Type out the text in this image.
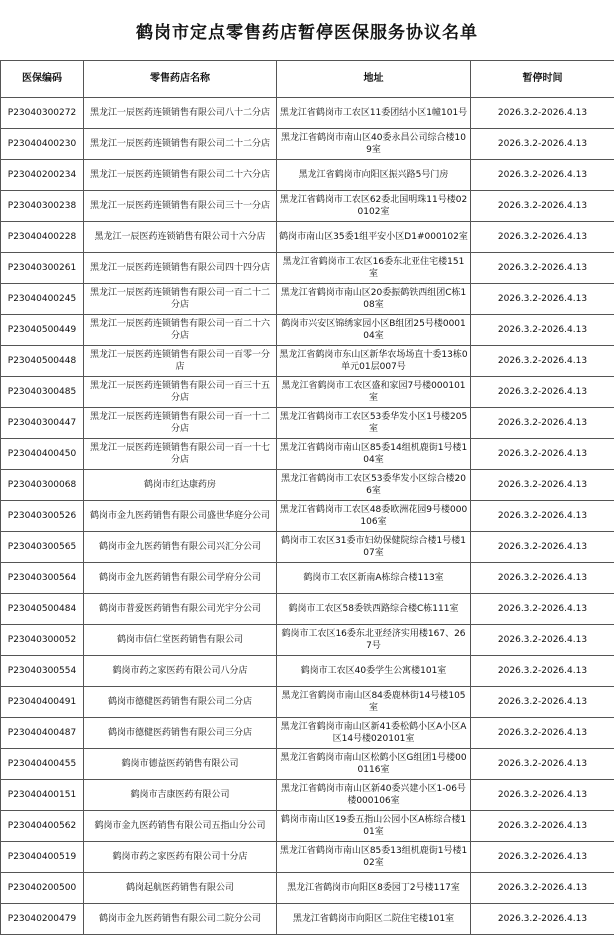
鹤岗市定点零售药店暂停医保服务协议名单
医保编码	零售药店名称	地址	暂停时间
P23040300272	黑龙江一辰医药连锁销售有限公司八十二分店	黑龙江省鹤岗市工农区11委团结小区1幢101号	2026.3.2-2026.4.13
P23040400230	黑龙江一辰医药连锁销售有限公司二十二分店	黑龙江省鹤岗市南山区40委永昌公司综合楼109室	2026.3.2-2026.4.13
P23040200234	黑龙江一辰医药连锁销售有限公司二十六分店	黑龙江省鹤岗市向阳区振兴路5号门房	2026.3.2-2026.4.13
P23040300238	黑龙江一辰医药连锁销售有限公司三十一分店	黑龙江省鹤岗市工农区62委北国明珠11号楼020102室	2026.3.2-2026.4.13
P23040400228	黑龙江一辰医药连锁销售有限公司十六分店	鹤岗市南山区35委1组平安小区D1#000102室	2026.3.2-2026.4.13
P23040300261	黑龙江一辰医药连锁销售有限公司四十四分店	黑龙江省鹤岗市工农区16委东北亚住宅楼151室	2026.3.2-2026.4.13
P23040400245	黑龙江一辰医药连锁销售有限公司一百二十二分店	黑龙江省鹤岗市南山区20委振鹤铁西组团C栋108室	2026.3.2-2026.4.13
P23040500449	黑龙江一辰医药连锁销售有限公司一百二十六分店	鹤岗市兴安区锦绣家园小区B组团25号楼000104室	2026.3.2-2026.4.13
P23040500448	黑龙江一辰医药连锁销售有限公司一百零一分店	黑龙江省鹤岗市东山区新华农场场直十委13栋0单元01层007号	2026.3.2-2026.4.13
P23040300485	黑龙江一辰医药连锁销售有限公司一百三十五分店	黑龙江省鹤岗市工农区盛和家园7号楼000101室	2026.3.2-2026.4.13
P23040300447	黑龙江一辰医药连锁销售有限公司一百一十二分店	黑龙江省鹤岗市工农区53委华发小区1号楼205室	2026.3.2-2026.4.13
P23040400450	黑龙江一辰医药连锁销售有限公司一百一十七分店	黑龙江省鹤岗市南山区85委14组机鹿街1号楼104室	2026.3.2-2026.4.13
P23040300068	鹤岗市红达康药房	黑龙江省鹤岗市工农区53委华发小区综合楼206室	2026.3.2-2026.4.13
P23040300526	鹤岗市金九医药销售有限公司盛世华庭分公司	黑龙江省鹤岗市工农区48委欧洲花园9号楼000106室	2026.3.2-2026.4.13
P23040300565	鹤岗市金九医药销售有限公司兴汇分公司	鹤岗市工农区31委市妇幼保健院综合楼1号楼107室	2026.3.2-2026.4.13
P23040300564	鹤岗市金九医药销售有限公司学府分公司	鹤岗市工农区新南A栋综合楼113室	2026.3.2-2026.4.13
P23040500484	鹤岗市普爱医药销售有限公司光宇分公司	鹤岗市工农区58委铁西路综合楼C栋111室	2026.3.2-2026.4.13
P23040300052	鹤岗市信仁堂医药销售有限公司	鹤岗市工农区16委东北亚经济实用楼167、267号	2026.3.2-2026.4.13
P23040300554	鹤岗市药之家医药有限公司八分店	鹤岗市工农区40委学生公寓楼101室	2026.3.2-2026.4.13
P23040400491	鹤岗市德健医药销售有限公司二分店	黑龙江省鹤岗市南山区84委鹿林街14号楼105室	2026.3.2-2026.4.13
P23040400487	鹤岗市德健医药销售有限公司三分店	黑龙江省鹤岗市南山区新41委松鹤小区A小区A区14号楼020101室	2026.3.2-2026.4.13
P23040400455	鹤岗市德益医药销售有限公司	黑龙江省鹤岗市南山区松鹤小区G组团1号楼000116室	2026.3.2-2026.4.13
P23040400151	鹤岗市吉康医药有限公司	黑龙江省鹤岗市南山区新40委兴建小区1-06号楼000106室	2026.3.2-2026.4.13
P23040400562	鹤岗市金九医药销售有限公司五指山分公司	鹤岗市南山区19委五指山公园小区A栋综合楼101室	2026.3.2-2026.4.13
P23040400519	鹤岗市药之家医药有限公司十分店	黑龙江省鹤岗市南山区85委13组机鹿街1号楼102室	2026.3.2-2026.4.13
P23040200500	鹤岗起航医药销售有限公司	黑龙江省鹤岗市向阳区8委园丁2号楼117室	2026.3.2-2026.4.13
P23040200479	鹤岗市金九医药销售有限公司二院分公司	黑龙江省鹤岗市向阳区二院住宅楼101室	2026.3.2-2026.4.13
